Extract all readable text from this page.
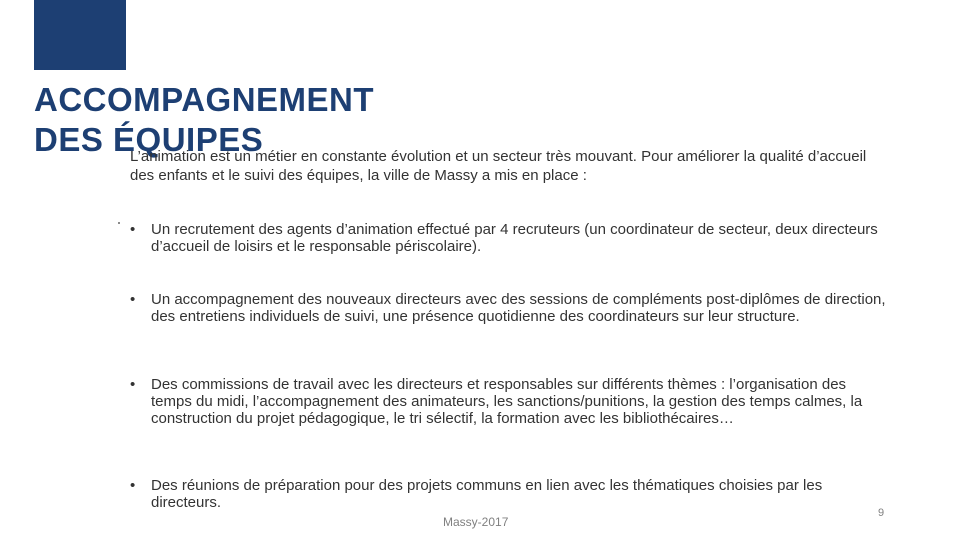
ACCOMPAGNEMENT
DES ÉQUIPES

L’animation est un métier en constante évolution et un secteur très mouvant. Pour améliorer la qualité d’accueil des enfants et le suivi des équipes, la ville de Massy a mis en place :

• Un recrutement des agents d’animation effectué par 4 recruteurs (un coordinateur de secteur, deux directeurs d’accueil de loisirs et le responsable périscolaire).
• Un accompagnement des nouveaux directeurs avec des sessions de compléments post-diplômes de direction, des entretiens individuels de suivi, une présence quotidienne des coordinateurs sur leur structure.
• Des commissions de travail avec les directeurs et responsables sur différents thèmes : l’organisation des temps du midi, l’accompagnement des animateurs, les sanctions/punitions, la gestion des temps calmes, la construction du projet pédagogique, le tri sélectif, la formation avec les bibliothécaires…
• Des réunions de préparation pour des projets communs en lien avec les thématiques choisies par les directeurs.
Massy-2017
9
